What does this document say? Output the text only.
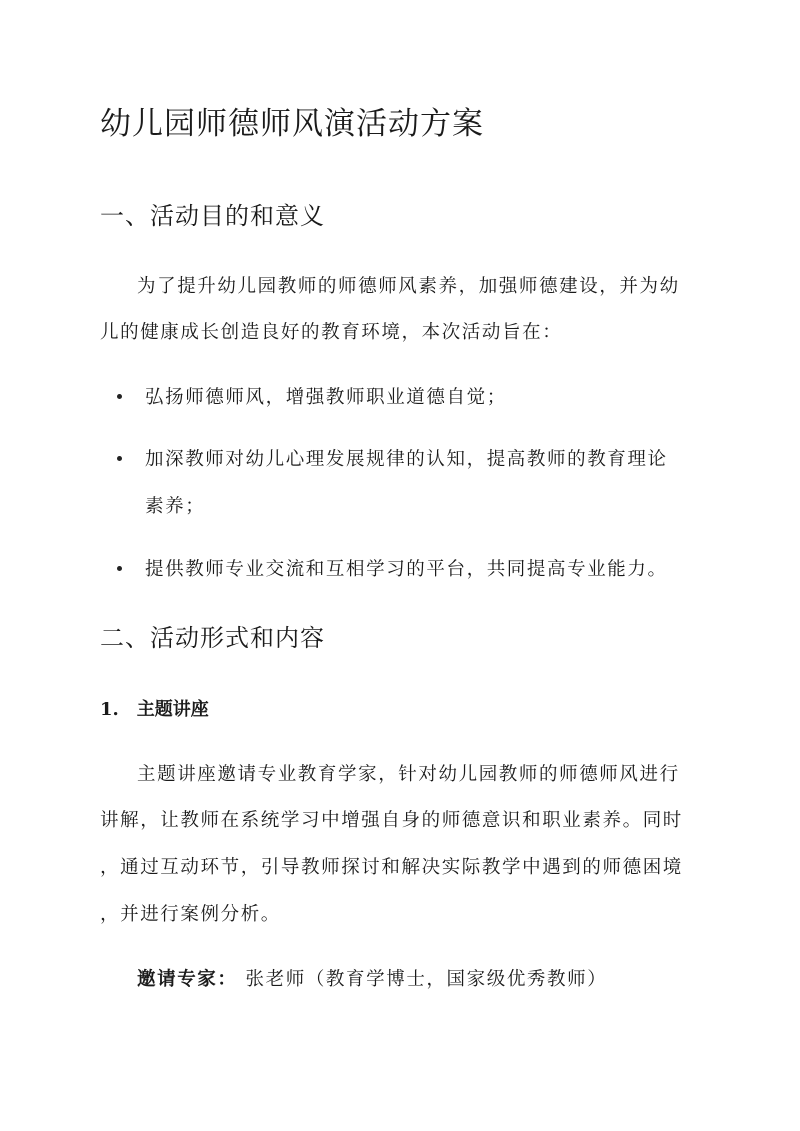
幼儿园师德师风演活动方案
一、活动目的和意义

为了提升幼儿园教师的师德师风素养，加强师德建设，并为幼

儿的健康成长创造良好的教育环境，本次活动旨在：

弘扬师德师风，增强教师职业道德自觉；

加深教师对幼儿心理发展规律的认知，提高教师的教育理论

素养；

提供教师专业交流和互相学习的平台，共同提高专业能力。

二、活动形式和内容
1. 主题讲座

主题讲座邀请专业教育学家，针对幼儿园教师的师德师风进行

讲解，让教师在系统学习中增强自身的师德意识和职业素养。同时

，通过互动环节，引导教师探讨和解决实际教学中遇到的师德困境

，并进行案例分析。

邀请专家： 张老师（教育学博士，国家级优秀教师）
